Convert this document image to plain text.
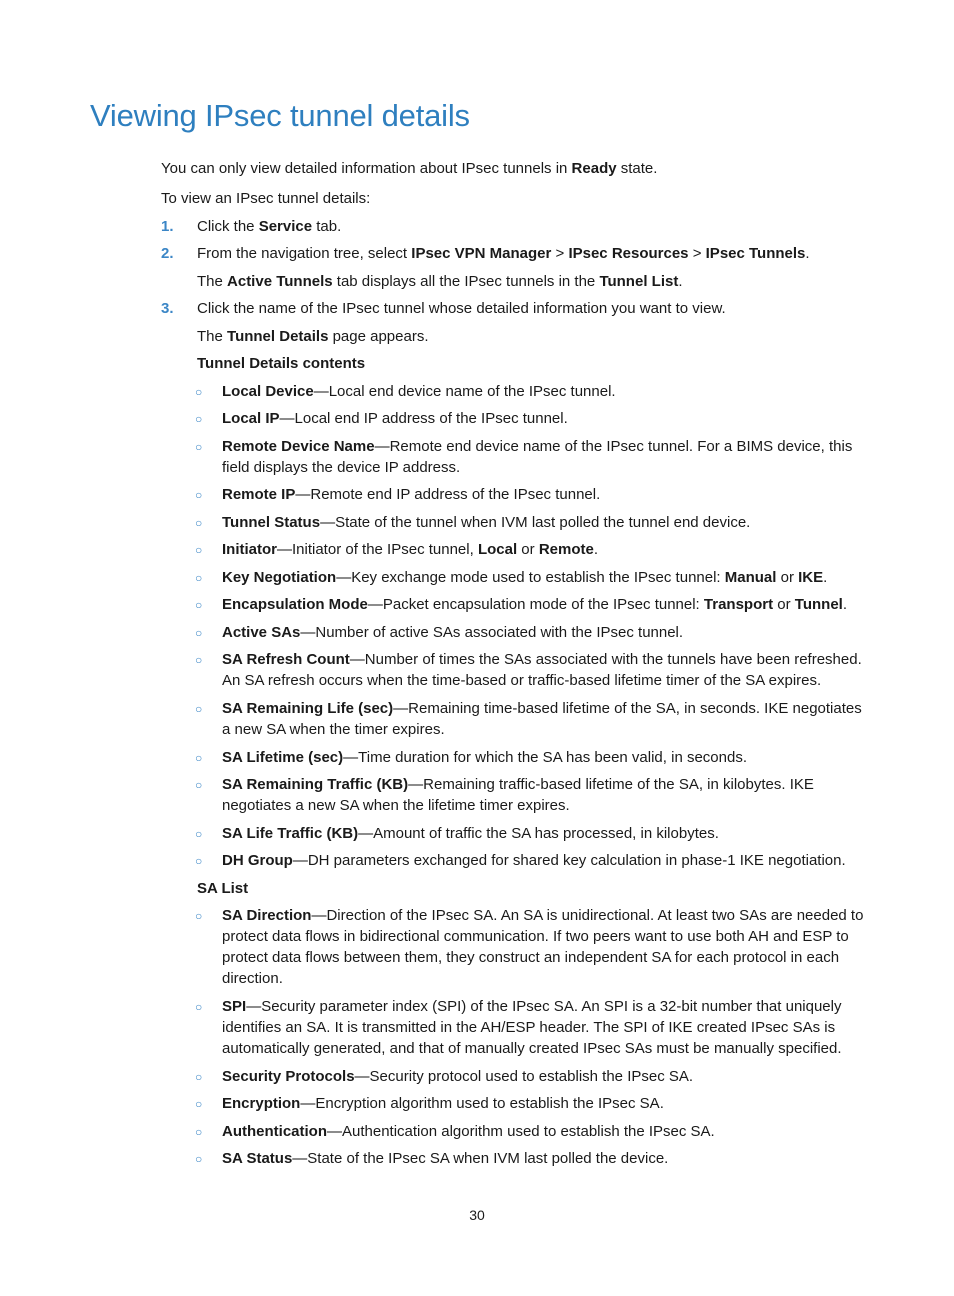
Viewing IPsec tunnel details

You can only view detailed information about IPsec tunnels in Ready state.

To view an IPsec tunnel details:

1. Click the Service tab.
2. From the navigation tree, select IPsec VPN Manager > IPsec Resources > IPsec Tunnels.
The Active Tunnels tab displays all the IPsec tunnels in the Tunnel List.
3. Click the name of the IPsec tunnel whose detailed information you want to view.
The Tunnel Details page appears.
Tunnel Details contents
○ Local Device—Local end device name of the IPsec tunnel.
○ Local IP—Local end IP address of the IPsec tunnel.
○ Remote Device Name—Remote end device name of the IPsec tunnel. For a BIMS device, this field displays the device IP address.
○ Remote IP—Remote end IP address of the IPsec tunnel.
○ Tunnel Status—State of the tunnel when IVM last polled the tunnel end device.
○ Initiator—Initiator of the IPsec tunnel, Local or Remote.
○ Key Negotiation—Key exchange mode used to establish the IPsec tunnel: Manual or IKE.
○ Encapsulation Mode—Packet encapsulation mode of the IPsec tunnel: Transport or Tunnel.
○ Active SAs—Number of active SAs associated with the IPsec tunnel.
○ SA Refresh Count—Number of times the SAs associated with the tunnels have been refreshed. An SA refresh occurs when the time-based or traffic-based lifetime timer of the SA expires.
○ SA Remaining Life (sec)—Remaining time-based lifetime of the SA, in seconds. IKE negotiates a new SA when the timer expires.
○ SA Lifetime (sec)—Time duration for which the SA has been valid, in seconds.
○ SA Remaining Traffic (KB)—Remaining traffic-based lifetime of the SA, in kilobytes. IKE negotiates a new SA when the lifetime timer expires.
○ SA Life Traffic (KB)—Amount of traffic the SA has processed, in kilobytes.
○ DH Group—DH parameters exchanged for shared key calculation in phase-1 IKE negotiation.
SA List
○ SA Direction—Direction of the IPsec SA. An SA is unidirectional. At least two SAs are needed to protect data flows in bidirectional communication. If two peers want to use both AH and ESP to protect data flows between them, they construct an independent SA for each protocol in each direction.
○ SPI—Security parameter index (SPI) of the IPsec SA. An SPI is a 32-bit number that uniquely identifies an SA. It is transmitted in the AH/ESP header. The SPI of IKE created IPsec SAs is automatically generated, and that of manually created IPsec SAs must be manually specified.
○ Security Protocols—Security protocol used to establish the IPsec SA.
○ Encryption—Encryption algorithm used to establish the IPsec SA.
○ Authentication—Authentication algorithm used to establish the IPsec SA.
○ SA Status—State of the IPsec SA when IVM last polled the device.
30
